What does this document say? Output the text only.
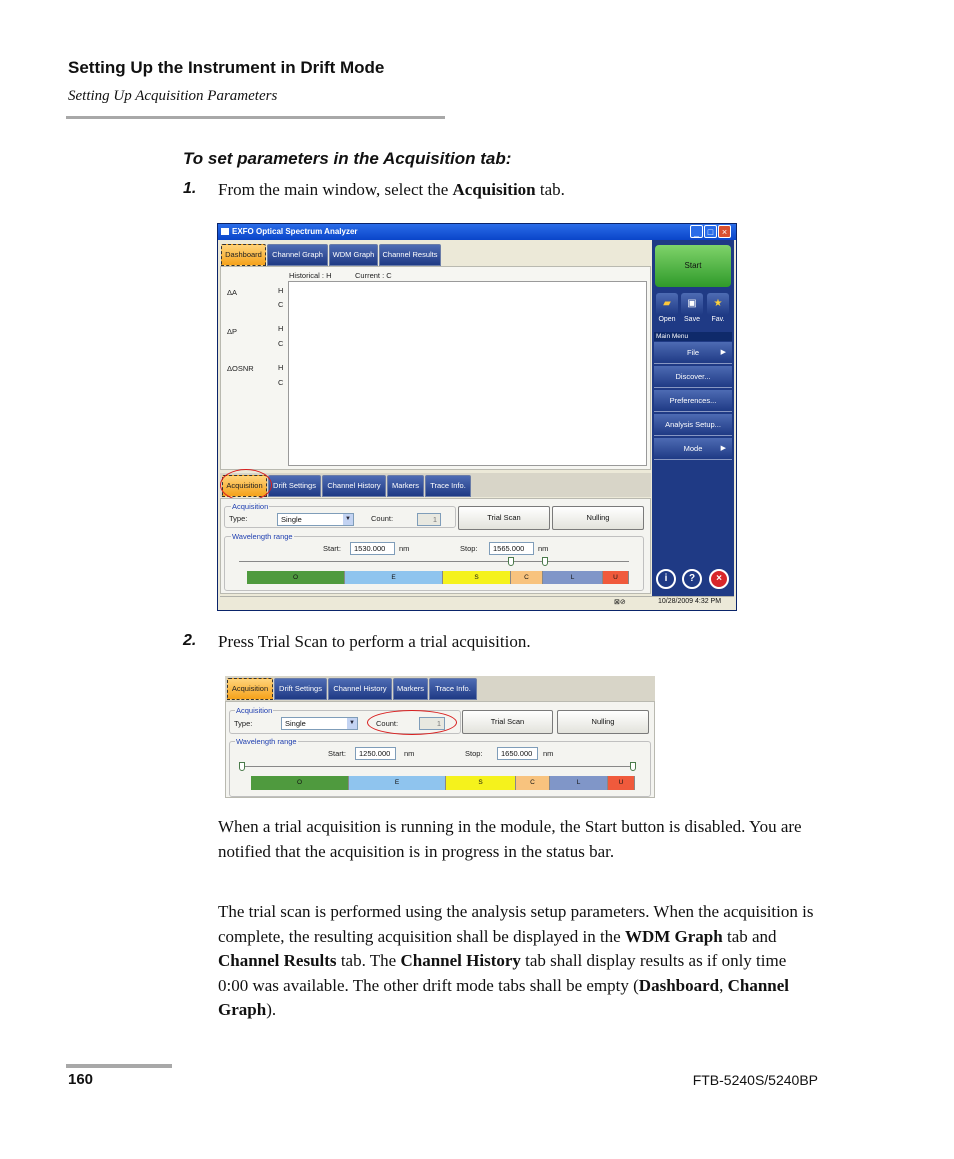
Setting Up the Instrument in Drift Mode
Setting Up Acquisition Parameters
To set parameters in the Acquisition tab:
1. From the main window, select the Acquisition tab.
EXFO Optical Spectrum Analyzer	_ □ ×
Dashboard	Channel Graph	WDM Graph	Channel Results
Historical : H	Current : C
ΔA	H
C
ΔP	H
C
ΔOSNR	H
C
Acquisition	Drift Settings	Channel History	Markers	Trace Info.
Acquisition
Type:	Single	▼	Count:	1	Trial Scan	Nulling
Wavelength range
Start:	1530.000	nm	Stop:	1565.000	nm
O	E	S	C	L	U
⊠⊘	10/28/2009 4:32 PM
Start
▰	▣	★
Open	Save	Fav.
Main Menu
File	▶
Discover...
Preferences...
Analysis Setup...
Mode	▶
i	?	×
2. Press Trial Scan to perform a trial acquisition.
Acquisition	Drift Settings	Channel History	Markers	Trace Info.
Acquisition
Type:	Single	▼	Count:	1	Trial Scan	Nulling
Wavelength range
Start:	1250.000	nm	Stop:	1650.000	nm
O	E	S	C	L	U
When a trial acquisition is running in the module, the Start button is disabled. You are notified that the acquisition is in progress in the status bar.
The trial scan is performed using the analysis setup parameters. When the acquisition is complete, the resulting acquisition shall be displayed in the WDM Graph tab and Channel Results tab. The Channel History tab shall display results as if only time 0:00 was available. The other drift mode tabs shall be empty (Dashboard, Channel Graph).
160	FTB-5240S/5240BP
